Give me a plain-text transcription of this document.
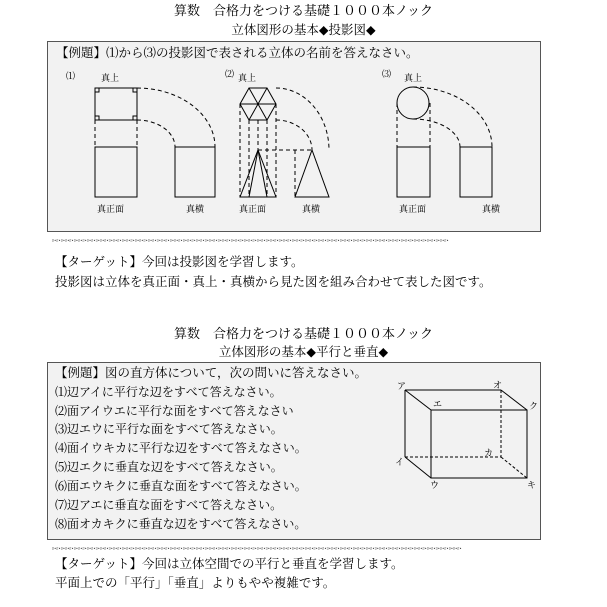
算数　合格力をつける基礎１０００本ノック
立体図形の基本◆投影図◆
【例題】⑴から⑶の投影図で表される立体の名前を答えなさい。
⑴	⑵	⑶
真上
真正面	真横
真上
真正面	真横
真上
真正面	真横
ﾛ•ﾛ•ﾛ•ﾛ•ﾛ•ﾛ•ﾛ•ﾛ•ﾛ•ﾛ•ﾛ•ﾛ•ﾛ•ﾛ•ﾛ•ﾛ•ﾛ•ﾛ•ﾛ•ﾛ•ﾛ•ﾛ•ﾛ•ﾛ•ﾛ•ﾛ•ﾛ•ﾛ•ﾛ•ﾛ•ﾛ•ﾛ•ﾛ•ﾛ•ﾛ•ﾛ•ﾛ•ﾛ•ﾛ•ﾛ•ﾛ•ﾛ•ﾛ•ﾛ•ﾛ•ﾛ•ﾛ•ﾛ•ﾛ•ﾛ•ﾛ•ﾛ•ﾛ•ﾛ•ﾛ•ﾛ•ﾛ•ﾛ•ﾛ•ﾛ•ﾛ•ﾛ•ﾛ•ﾛ•ﾛ•ﾛ•ﾛ•ﾛ•ﾛ•ﾛ•ﾛ•ﾛ•ﾛ•ﾛ•ﾛ•ﾛ•ﾛ•ﾛ•ﾛ•ﾛ•ﾛ•ﾛ•ﾛ•ﾛ•ﾛ•ﾛ•ﾛ•ﾛ•ﾛ•ﾛ•ﾛ•
【ターゲット】今回は投影図を学習します。
投影図は立体を真正面・真上・真横から見た図を組み合わせて表した図です。
算数　合格力をつける基礎１０００本ノック
立体図形の基本◆平行と垂直◆
【例題】図の直方体について，次の問いに答えなさい。
⑴辺アイに平行な辺をすべて答えなさい。
⑵面アイウエに平行な面をすべて答えなさい
⑶辺エウに平行な面をすべて答えなさい。
⑷面イウキカに平行な辺をすべて答えなさい。
⑸辺エクに垂直な辺をすべて答えなさい。
⑹面エウキクに垂直な面をすべて答えなさい。
⑺辺アエに垂直な面をすべて答えなさい。
⑻面オカキクに垂直な辺をすべて答えなさい。
ア	オ
エ	ク
イ
カ
ウ	キ
ﾛ•ﾛ•ﾛ•ﾛ•ﾛ•ﾛ•ﾛ•ﾛ•ﾛ•ﾛ•ﾛ•ﾛ•ﾛ•ﾛ•ﾛ•ﾛ•ﾛ•ﾛ•ﾛ•ﾛ•ﾛ•ﾛ•ﾛ•ﾛ•ﾛ•ﾛ•ﾛ•ﾛ•ﾛ•ﾛ•ﾛ•ﾛ•ﾛ•ﾛ•ﾛ•ﾛ•ﾛ•ﾛ•ﾛ•ﾛ•ﾛ•ﾛ•ﾛ•ﾛ•ﾛ•ﾛ•ﾛ•ﾛ•ﾛ•ﾛ•ﾛ•ﾛ•ﾛ•ﾛ•ﾛ•ﾛ•ﾛ•ﾛ•ﾛ•ﾛ•ﾛ•ﾛ•ﾛ•ﾛ•ﾛ•ﾛ•ﾛ•ﾛ•ﾛ•ﾛ•ﾛ•ﾛ•ﾛ•ﾛ•ﾛ•ﾛ•ﾛ•ﾛ•ﾛ•ﾛ•ﾛ•ﾛ•ﾛ•ﾛ•ﾛ•ﾛ•ﾛ•ﾛ•ﾛ•ﾛ•ﾛ•ﾛ•ﾛ•ﾛ•
【ターゲット】今回は立体空間での平行と垂直を学習します。
平面上での「平行」「垂直」よりもやや複雑です。
